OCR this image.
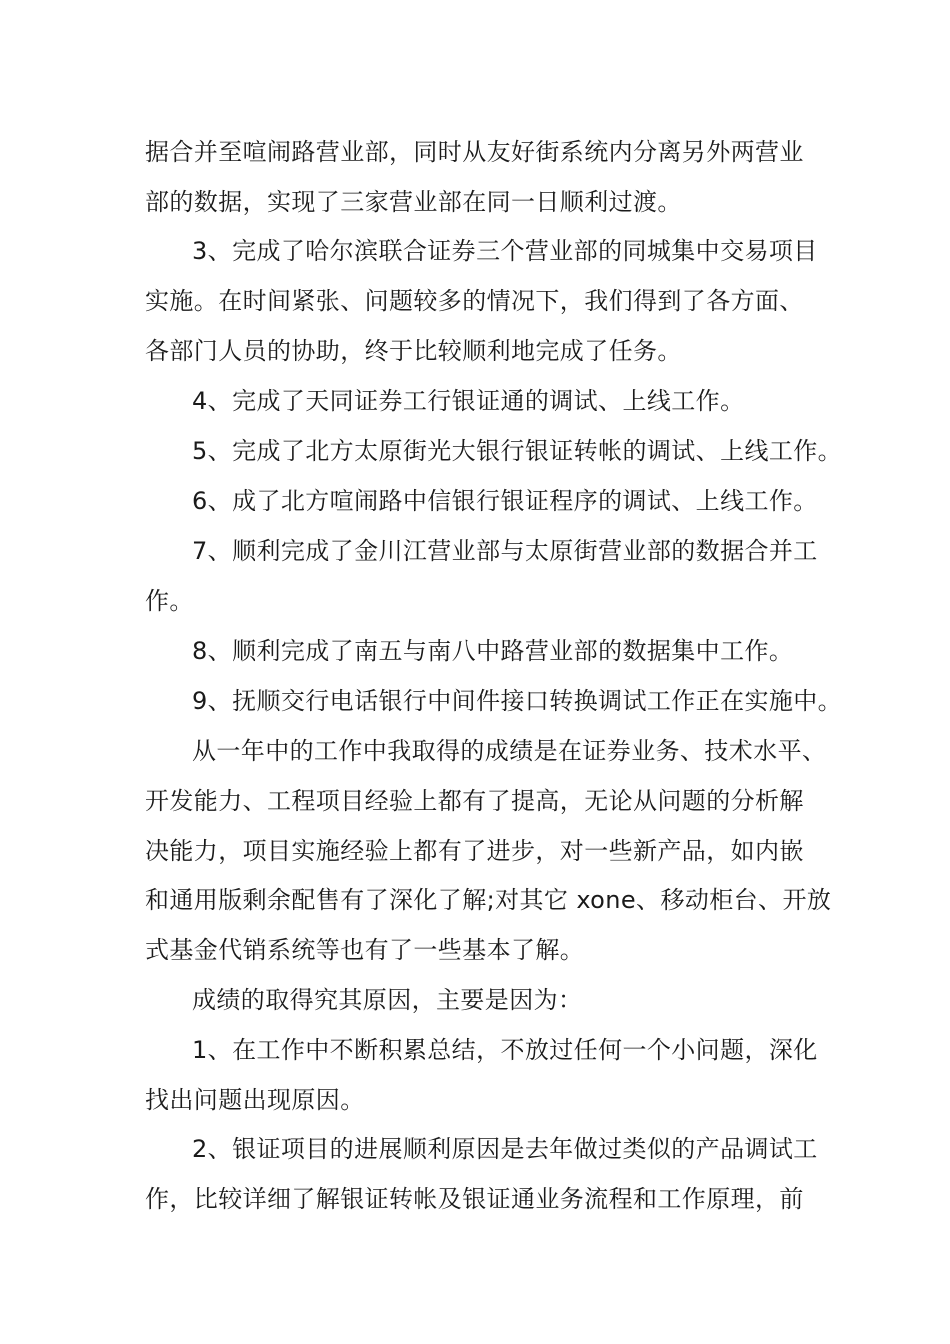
据合并至喧闹路营业部，同时从友好街系统内分离另外两营业
部的数据，实现了三家营业部在同一日顺利过渡。
3、完成了哈尔滨联合证券三个营业部的同城集中交易项目
实施。在时间紧张、问题较多的情况下，我们得到了各方面、
各部门人员的协助，终于比较顺利地完成了任务。
4、完成了天同证券工行银证通的调试、上线工作。
5、完成了北方太原街光大银行银证转帐的调试、上线工作。
6、成了北方喧闹路中信银行银证程序的调试、上线工作。
7、顺利完成了金川江营业部与太原街营业部的数据合并工
作。
8、顺利完成了南五与南八中路营业部的数据集中工作。
9、抚顺交行电话银行中间件接口转换调试工作正在实施中。
从一年中的工作中我取得的成绩是在证券业务、技术水平、
开发能力、工程项目经验上都有了提高，无论从问题的分析解
决能力，项目实施经验上都有了进步，对一些新产品，如内嵌
和通用版剩余配售有了深化了解;对其它 xone、移动柜台、开放
式基金代销系统等也有了一些基本了解。
成绩的取得究其原因，主要是因为：
1、在工作中不断积累总结，不放过任何一个小问题，深化
找出问题出现原因。
2、银证项目的进展顺利原因是去年做过类似的产品调试工
作，比较详细了解银证转帐及银证通业务流程和工作原理，前
